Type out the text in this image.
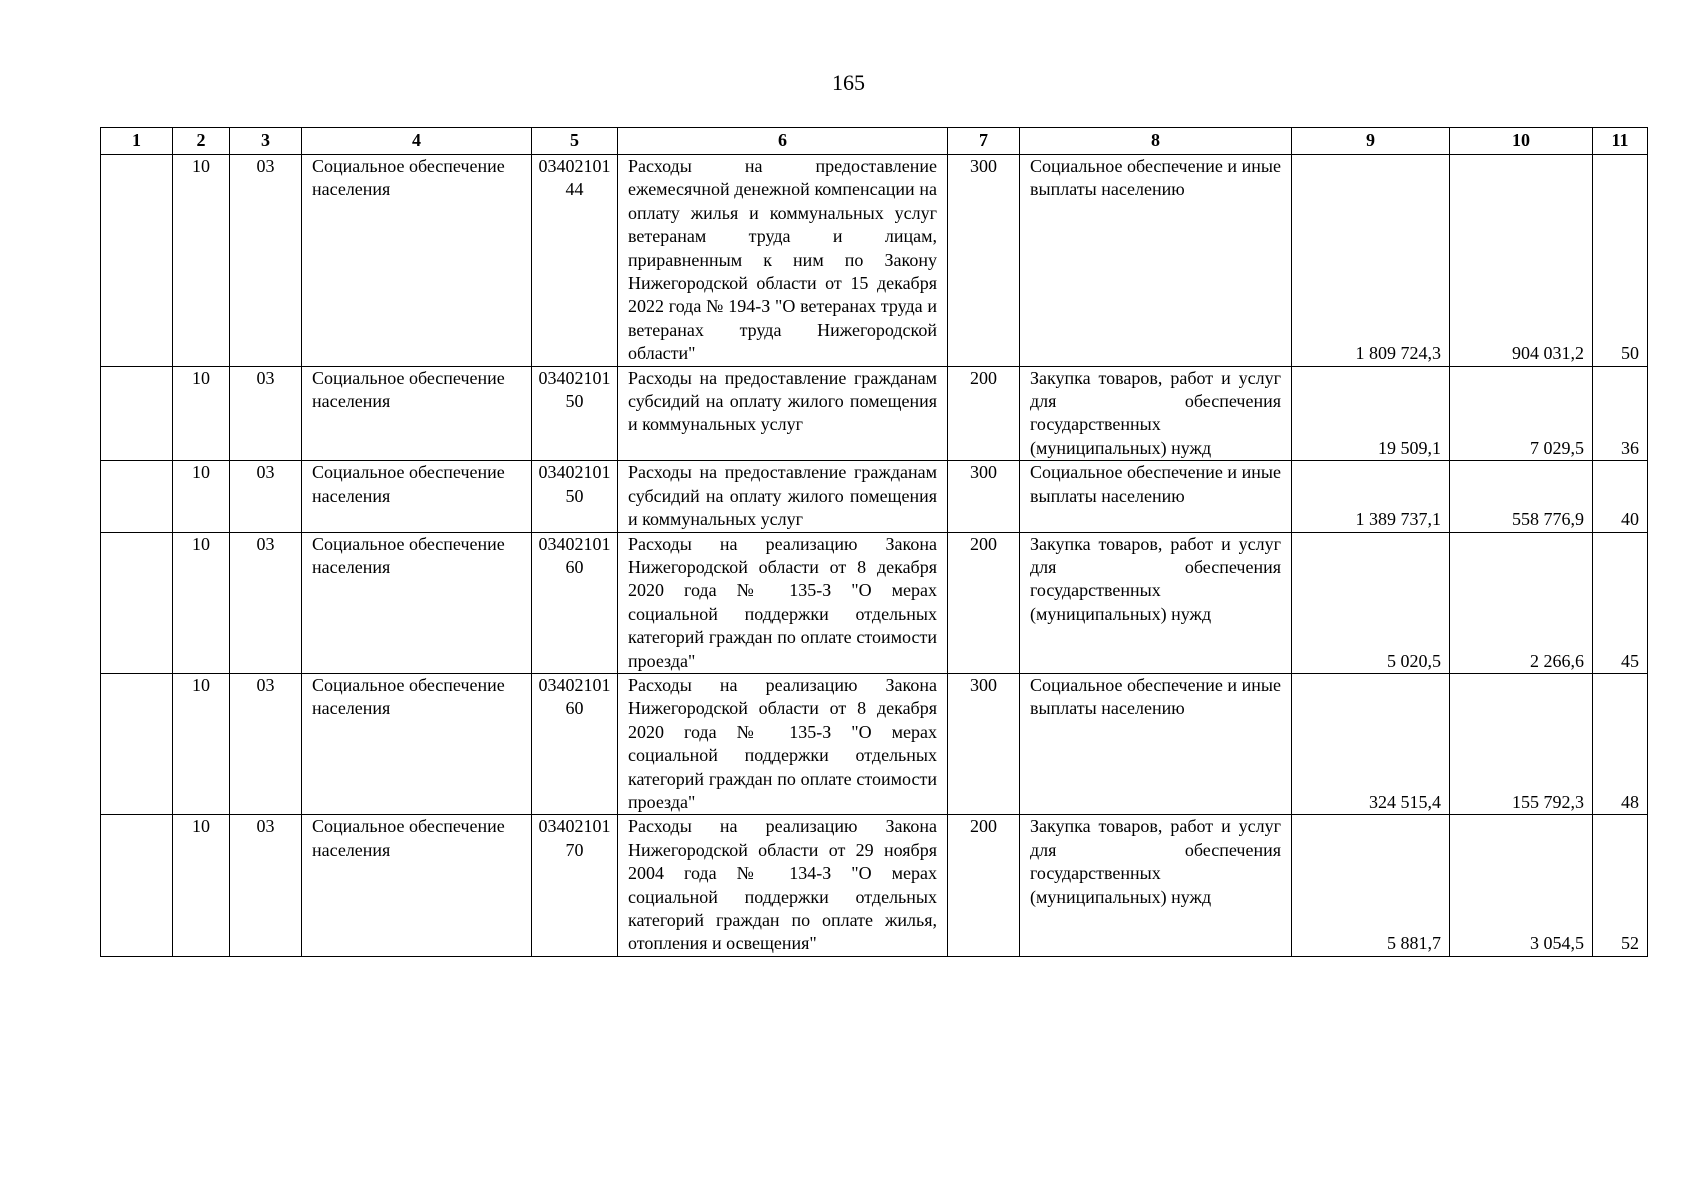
165
1	2	3	4	5	6	7	8	9	10	11
	10	03	Социальное обеспечение населения	0340210144	Расходы на предоставление ежемесячной денежной компенсации на оплату жилья и коммунальных услуг ветеранам труда и лицам, приравненным к ним по Закону Нижегородской области от 15 декабря 2022 года № 194-З "О ветеранах труда и ветеранах труда Нижегородской области"	300	Социальное обеспечение и иные выплаты населению	1 809 724,3	904 031,2	50
	10	03	Социальное обеспечение населения	0340210150	Расходы на предоставление гражданам субсидий на оплату жилого помещения и коммунальных услуг	200	Закупка товаров, работ и услуг для обеспечения государственных (муниципальных) нужд	19 509,1	7 029,5	36
	10	03	Социальное обеспечение населения	0340210150	Расходы на предоставление гражданам субсидий на оплату жилого помещения и коммунальных услуг	300	Социальное обеспечение и иные выплаты населению	1 389 737,1	558 776,9	40
	10	03	Социальное обеспечение населения	0340210160	Расходы на реализацию Закона Нижегородской области от 8 декабря 2020 года № 135-З "О мерах социальной поддержки отдельных категорий граждан по оплате стоимости проезда"	200	Закупка товаров, работ и услуг для обеспечения государственных (муниципальных) нужд	5 020,5	2 266,6	45
	10	03	Социальное обеспечение населения	0340210160	Расходы на реализацию Закона Нижегородской области от 8 декабря 2020 года № 135-З "О мерах социальной поддержки отдельных категорий граждан по оплате стоимости проезда"	300	Социальное обеспечение и иные выплаты населению	324 515,4	155 792,3	48
	10	03	Социальное обеспечение населения	0340210170	Расходы на реализацию Закона Нижегородской области от 29 ноября 2004 года № 134-З "О мерах социальной поддержки отдельных категорий граждан по оплате жилья, отопления и освещения"	200	Закупка товаров, работ и услуг для обеспечения государственных (муниципальных) нужд	5 881,7	3 054,5	52
